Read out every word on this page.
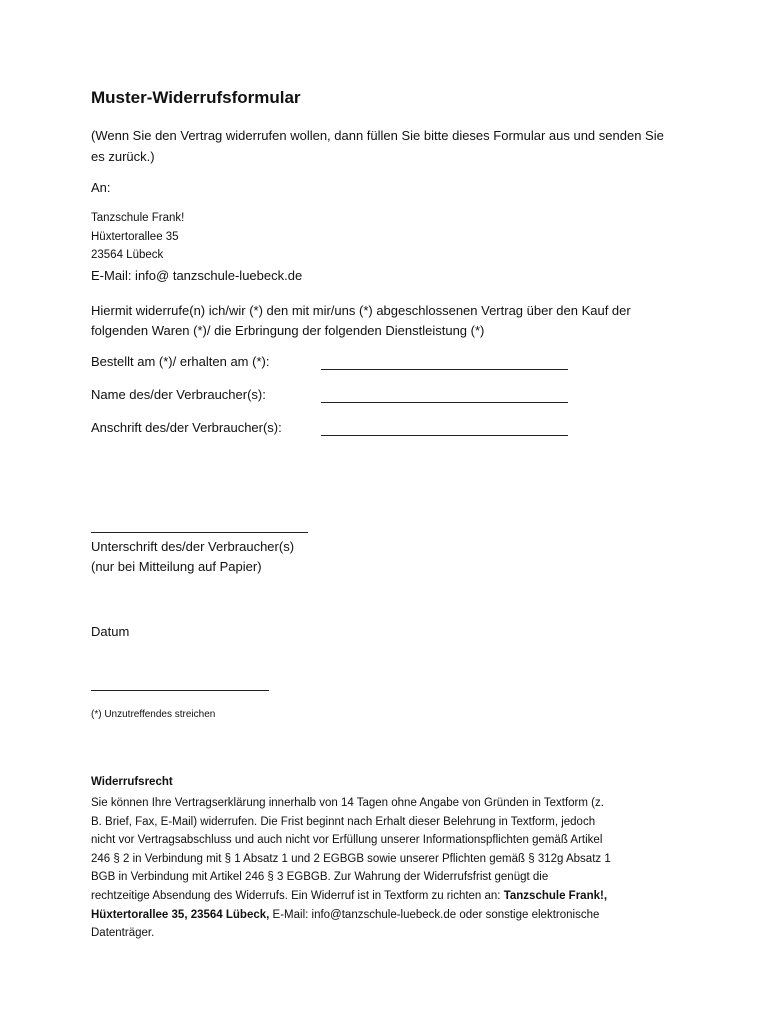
Muster-Widerrufsformular
(Wenn Sie den Vertrag widerrufen wollen, dann füllen Sie bitte dieses Formular aus und senden Sie es zurück.)
An:
Tanzschule Frank!
Hüxtertorallee 35
23564 Lübeck
E-Mail: info@ tanzschule-luebeck.de
Hiermit widerrufe(n) ich/wir (*) den mit mir/uns (*) abgeschlossenen Vertrag über den Kauf der folgenden Waren (*)/ die Erbringung der folgenden Dienstleistung (*)
Bestellt am (*)/ erhalten am (*):
Name des/der Verbraucher(s):
Anschrift des/der Verbraucher(s):
Unterschrift des/der Verbraucher(s)
(nur bei Mitteilung auf Papier)
Datum
(*) Unzutreffendes streichen
Widerrufsrecht
Sie können Ihre Vertragserklärung innerhalb von 14 Tagen ohne Angabe von Gründen in Textform (z.
B. Brief, Fax, E-Mail) widerrufen. Die Frist beginnt nach Erhalt dieser Belehrung in Textform, jedoch
nicht vor Vertragsabschluss und auch nicht vor Erfüllung unserer Informationspflichten gemäß Artikel
246 § 2 in Verbindung mit § 1 Absatz 1 und 2 EGBGB sowie unserer Pflichten gemäß § 312g Absatz 1
BGB in Verbindung mit Artikel 246 § 3 EGBGB. Zur Wahrung der Widerrufsfrist genügt die
rechtzeitige Absendung des Widerrufs. Ein Widerruf ist in Textform zu richten an: Tanzschule Frank!,
Hüxtertorallee 35, 23564 Lübeck, E-Mail: info@tanzschule-luebeck.de oder sonstige elektronische
Datenträger.
